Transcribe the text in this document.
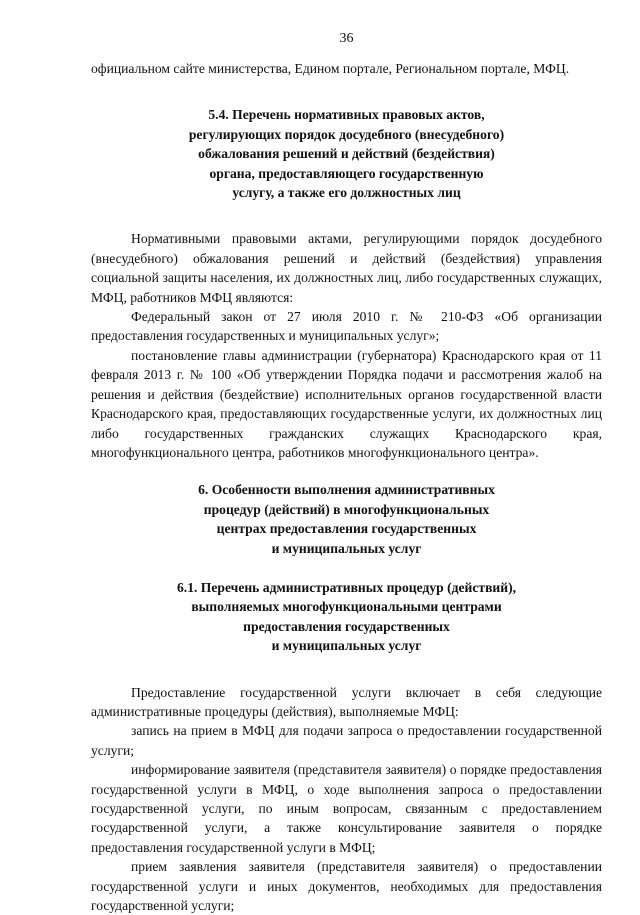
36

официальном сайте министерства, Едином портале, Региональном портале, МФЦ.

5.4. Перечень нормативных правовых актов,
регулирующих порядок досудебного (внесудебного)
обжалования решений и действий (бездействия)
органа, предоставляющего государственную
услугу, а также его должностных лиц

Нормативными правовыми актами, регулирующими порядок досудебного (внесудебного) обжалования решений и действий (бездействия) управления социальной защиты населения, их должностных лиц, либо государственных служащих, МФЦ, работников МФЦ являются:

Федеральный закон от 27 июля 2010 г. № 210-ФЗ «Об организации предоставления государственных и муниципальных услуг»;

постановление главы администрации (губернатора) Краснодарского края от 11 февраля 2013 г. № 100 «Об утверждении Порядка подачи и рассмотрения жалоб на решения и действия (бездействие) исполнительных органов государственной власти Краснодарского края, предоставляющих государственные услуги, их должностных лиц либо государственных гражданских служащих Краснодарского края, многофункционального центра, работников многофункционального центра».

6. Особенности выполнения административных
процедур (действий) в многофункциональных
центрах предоставления государственных
и муниципальных услуг
6.1. Перечень административных процедур (действий),
выполняемых многофункциональными центрами
предоставления государственных
и муниципальных услуг

Предоставление государственной услуги включает в себя следующие административные процедуры (действия), выполняемые МФЦ:

запись на прием в МФЦ для подачи запроса о предоставлении государственной услуги;

информирование заявителя (представителя заявителя) о порядке предоставления государственной услуги в МФЦ, о ходе выполнения запроса о предоставлении государственной услуги, по иным вопросам, связанным с предоставлением государственной услуги, а также консультирование заявителя о порядке предоставления государственной услуги в МФЦ;

прием заявления заявителя (представителя заявителя) о предоставлении государственной услуги и иных документов, необходимых для предоставления государственной услуги;
